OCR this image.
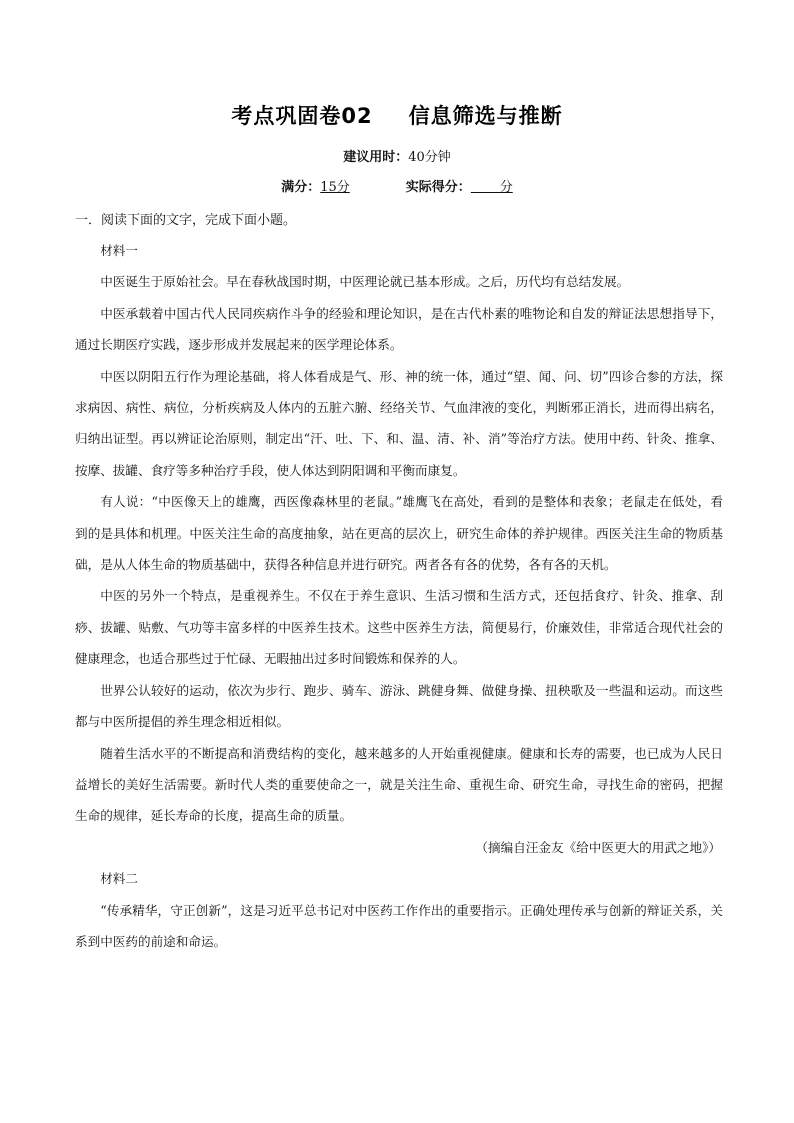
考点巩固卷02 信息筛选与推断
建议用时：40分钟
满分：15分	实际得分：       分
一．阅读下面的文字，完成下面小题。

材料一

中医诞生于原始社会。早在春秋战国时期，中医理论就已基本形成。之后，历代均有总结发展。

中医承载着中国古代人民同疾病作斗争的经验和理论知识，是在古代朴素的唯物论和自发的辩证法思想指导下，通过长期医疗实践，逐步形成并发展起来的医学理论体系。

中医以阴阳五行作为理论基础，将人体看成是气、形、神的统一体，通过“望、闻、问、切”四诊合参的方法，探求病因、病性、病位，分析疾病及人体内的五脏六腑、经络关节、气血津液的变化，判断邪正消长，进而得出病名，归纳出证型。再以辨证论治原则，制定出“汗、吐、下、和、温、清、补、消”等治疗方法。使用中药、针灸、推拿、按摩、拔罐、食疗等多种治疗手段，使人体达到阴阳调和平衡而康复。

有人说：“中医像天上的雄鹰，西医像森林里的老鼠。”雄鹰飞在高处，看到的是整体和表象；老鼠走在低处，看到的是具体和机理。中医关注生命的高度抽象，站在更高的层次上，研究生命体的养护规律。西医关注生命的物质基础，是从人体生命的物质基础中，获得各种信息并进行研究。两者各有各的优势，各有各的天机。

中医的另外一个特点，是重视养生。不仅在于养生意识、生活习惯和生活方式，还包括食疗、针灸、推拿、刮痧、拔罐、贴敷、气功等丰富多样的中医养生技术。这些中医养生方法，简便易行，价廉效佳，非常适合现代社会的健康理念，也适合那些过于忙碌、无暇抽出过多时间锻炼和保养的人。

世界公认较好的运动，依次为步行、跑步、骑车、游泳、跳健身舞、做健身操、扭秧歌及一些温和运动。而这些都与中医所提倡的养生理念相近相似。

随着生活水平的不断提高和消费结构的变化，越来越多的人开始重视健康。健康和长寿的需要，也已成为人民日益增长的美好生活需要。新时代人类的重要使命之一，就是关注生命、重视生命、研究生命，寻找生命的密码，把握生命的规律，延长寿命的长度，提高生命的质量。

（摘编自汪金友《给中医更大的用武之地》）

材料二

“传承精华，守正创新”，这是习近平总书记对中医药工作作出的重要指示。正确处理传承与创新的辩证关系，关系到中医药的前途和命运。
